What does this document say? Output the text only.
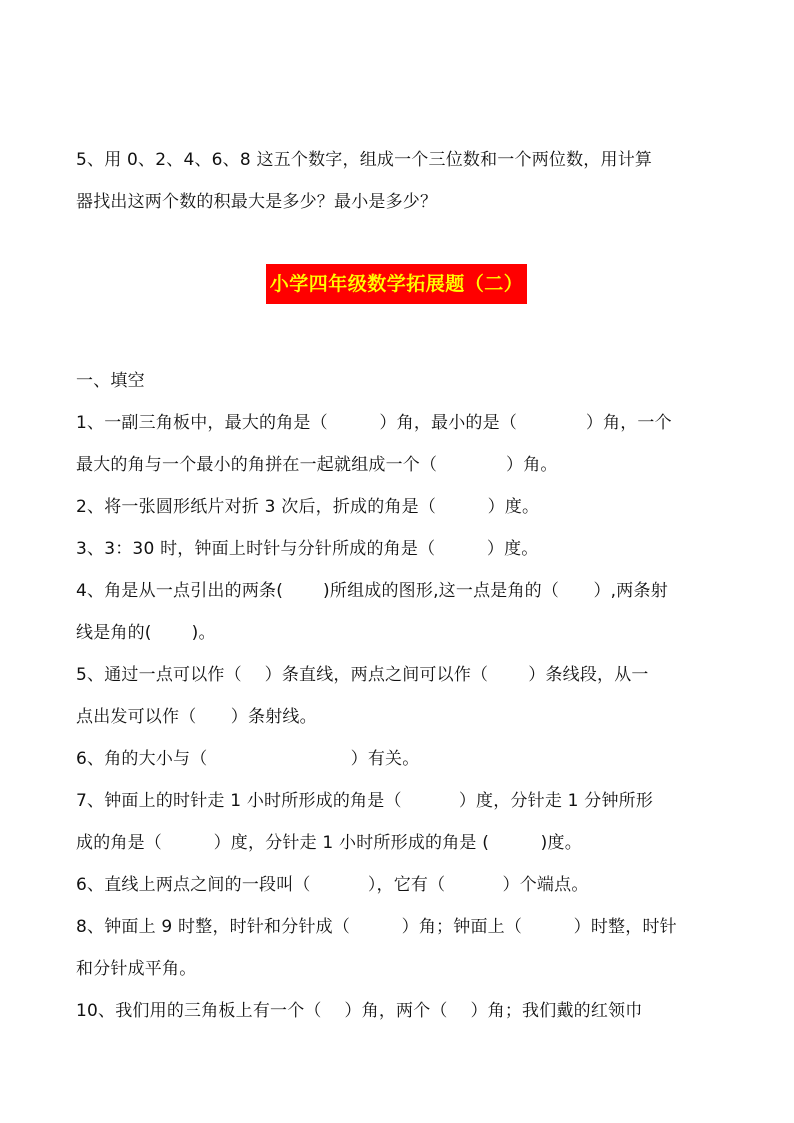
5、用 0、2、4、6、8 这五个数字，组成一个三位数和一个两位数，用计算
器找出这两个数的积最大是多少？最小是多少？
小学四年级数学拓展题（二）
一、填空
1、一副三角板中，最大的角是（　　　）角，最小的是（　　　　）角，一个
最大的角与一个最小的角拼在一起就组成一个（　　　　）角。
2、将一张圆形纸片对折 3 次后，折成的角是（　　　）度。
3、3：30 时，钟面上时针与分针所成的角是（　　　）度。
4、角是从一点引出的两条(　　 )所组成的图形,这一点是角的（　　）,两条射
线是角的(　　 )。
5、通过一点可以作（　 ）条直线，两点之间可以作（　　 ）条线段，从一
点出发可以作（　　）条射线。
6、角的大小与（　　　　　　　　 ）有关。
7、钟面上的时针走 1 小时所形成的角是（　　　 ）度，分针走 1 分钟所形
成的角是（　　　）度，分针走 1 小时所形成的角是 (　　　)度。
6、直线上两点之间的一段叫（　　　 ），它有（　　　 ）个端点。
8、钟面上 9 时整，时针和分针成（　　　）角；钟面上（　　　）时整，时针
和分针成平角。
10、我们用的三角板上有一个（　 ）角，两个（　 ）角；我们戴的红领巾
